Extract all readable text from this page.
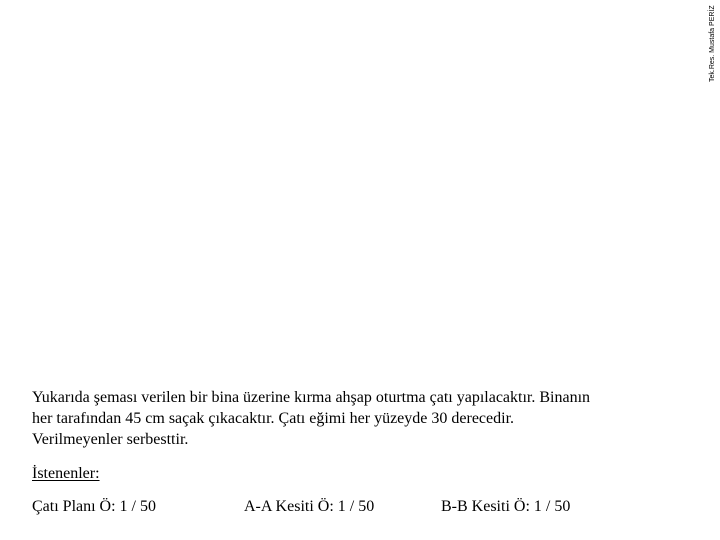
Tek.Res. Mustafa PERİZ

Yukarıda şeması verilen bir bina üzerine kırma ahşap oturtma çatı yapılacaktır. Binanın
her tarafından 45 cm saçak çıkacaktır. Çatı eğimi her yüzeyde 30 derecedir.
Verilmeyenler serbesttir.

İstenenler:

Çatı Planı Ö: 1 / 50	A-A Kesiti Ö: 1 / 50	B-B Kesiti Ö: 1 / 50
